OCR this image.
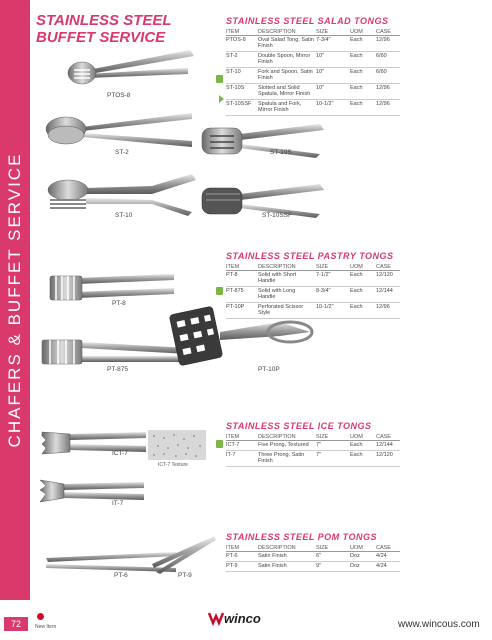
CHAFERS & BUFFET SERVICE
STAINLESS STEEL
BUFFET SERVICE
STAINLESS STEEL SALAD TONGS
ITEM	DESCRIPTION	SIZE	UOM	CASE
PTOS-8	Oval Salad Tong, Satin Finish	7-3/4"	Each	12/96
ST-2	Double Spoon, Mirror Finish	10"	Each	6/60
ST-10	Fork and Spoon, Satin Finish	10"	Each	6/60
ST-10S	Slotted and Solid Spatula, Mirror Finish	10"	Each	12/96
ST-10SSF	Spatula and Fork, Mirror Finish	10-1/2"	Each	12/96
STAINLESS STEEL PASTRY TONGS
ITEM	DESCRIPTION	SIZE	UOM	CASE
PT-8	Solid with Short Handle	7-1/2"	Each	12/120
PT-875	Solid with Long Handle	8-3/4"	Each	12/144
PT-10P	Perforated Scissor Style	10-1/2"	Each	12/96
STAINLESS STEEL ICE TONGS
ITEM	DESCRIPTION	SIZE	UOM	CASE
ICT-7	Five Prong, Textured	7"	Each	12/144
IT-7	Three Prong, Satin Finish	7"	Each	12/120
STAINLESS STEEL POM TONGS
ITEM	DESCRIPTION	SIZE	UOM	CASE
PT-6	Satin Finish	6"	Doz	4/24
PT-9	Satin Finish	9"	Doz	4/24
PTOS-8
ST-2
ST-10
ST-10S
ST-10SSF
PT-8
PT-875	PT-10P
ICT-7
ICT-7 Texture
IT-7
PT-6	PT-9
72	New Item
winco	www.wincous.com
